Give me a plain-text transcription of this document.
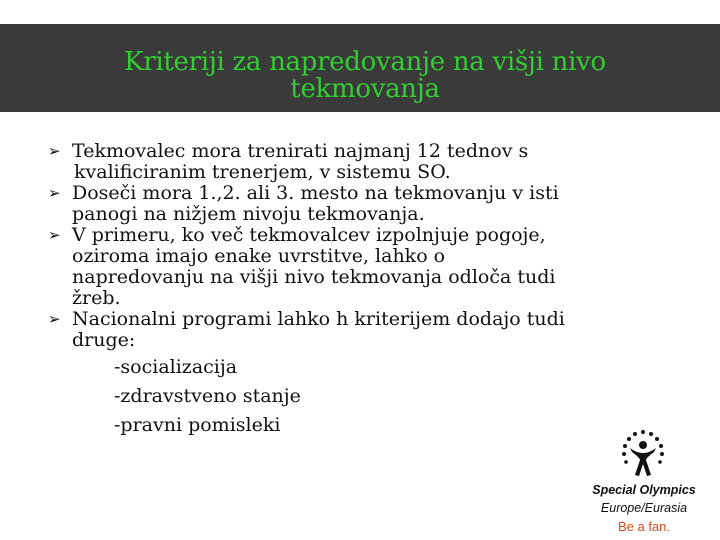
Kriteriji za napredovanje na višji nivo
tekmovanja
➢ Tekmovalec mora trenirati najmanj 12 tednov s
kvalificiranim trenerjem, v sistemu SO.
➢ Doseči mora 1.,2. ali 3. mesto na tekmovanju v isti
panogi na nižjem nivoju tekmovanja.
➢ V primeru, ko več tekmovalcev izpolnjuje pogoje,
oziroma imajo enake uvrstitve, lahko o
napredovanju na višji nivo tekmovanja odloča tudi
žreb.
➢ Nacionalni programi lahko h kriterijem dodajo tudi
druge:
-socializacija
-zdravstveno stanje
-pravni pomisleki
Special Olympics
Europe/Eurasia
Be a fan.
